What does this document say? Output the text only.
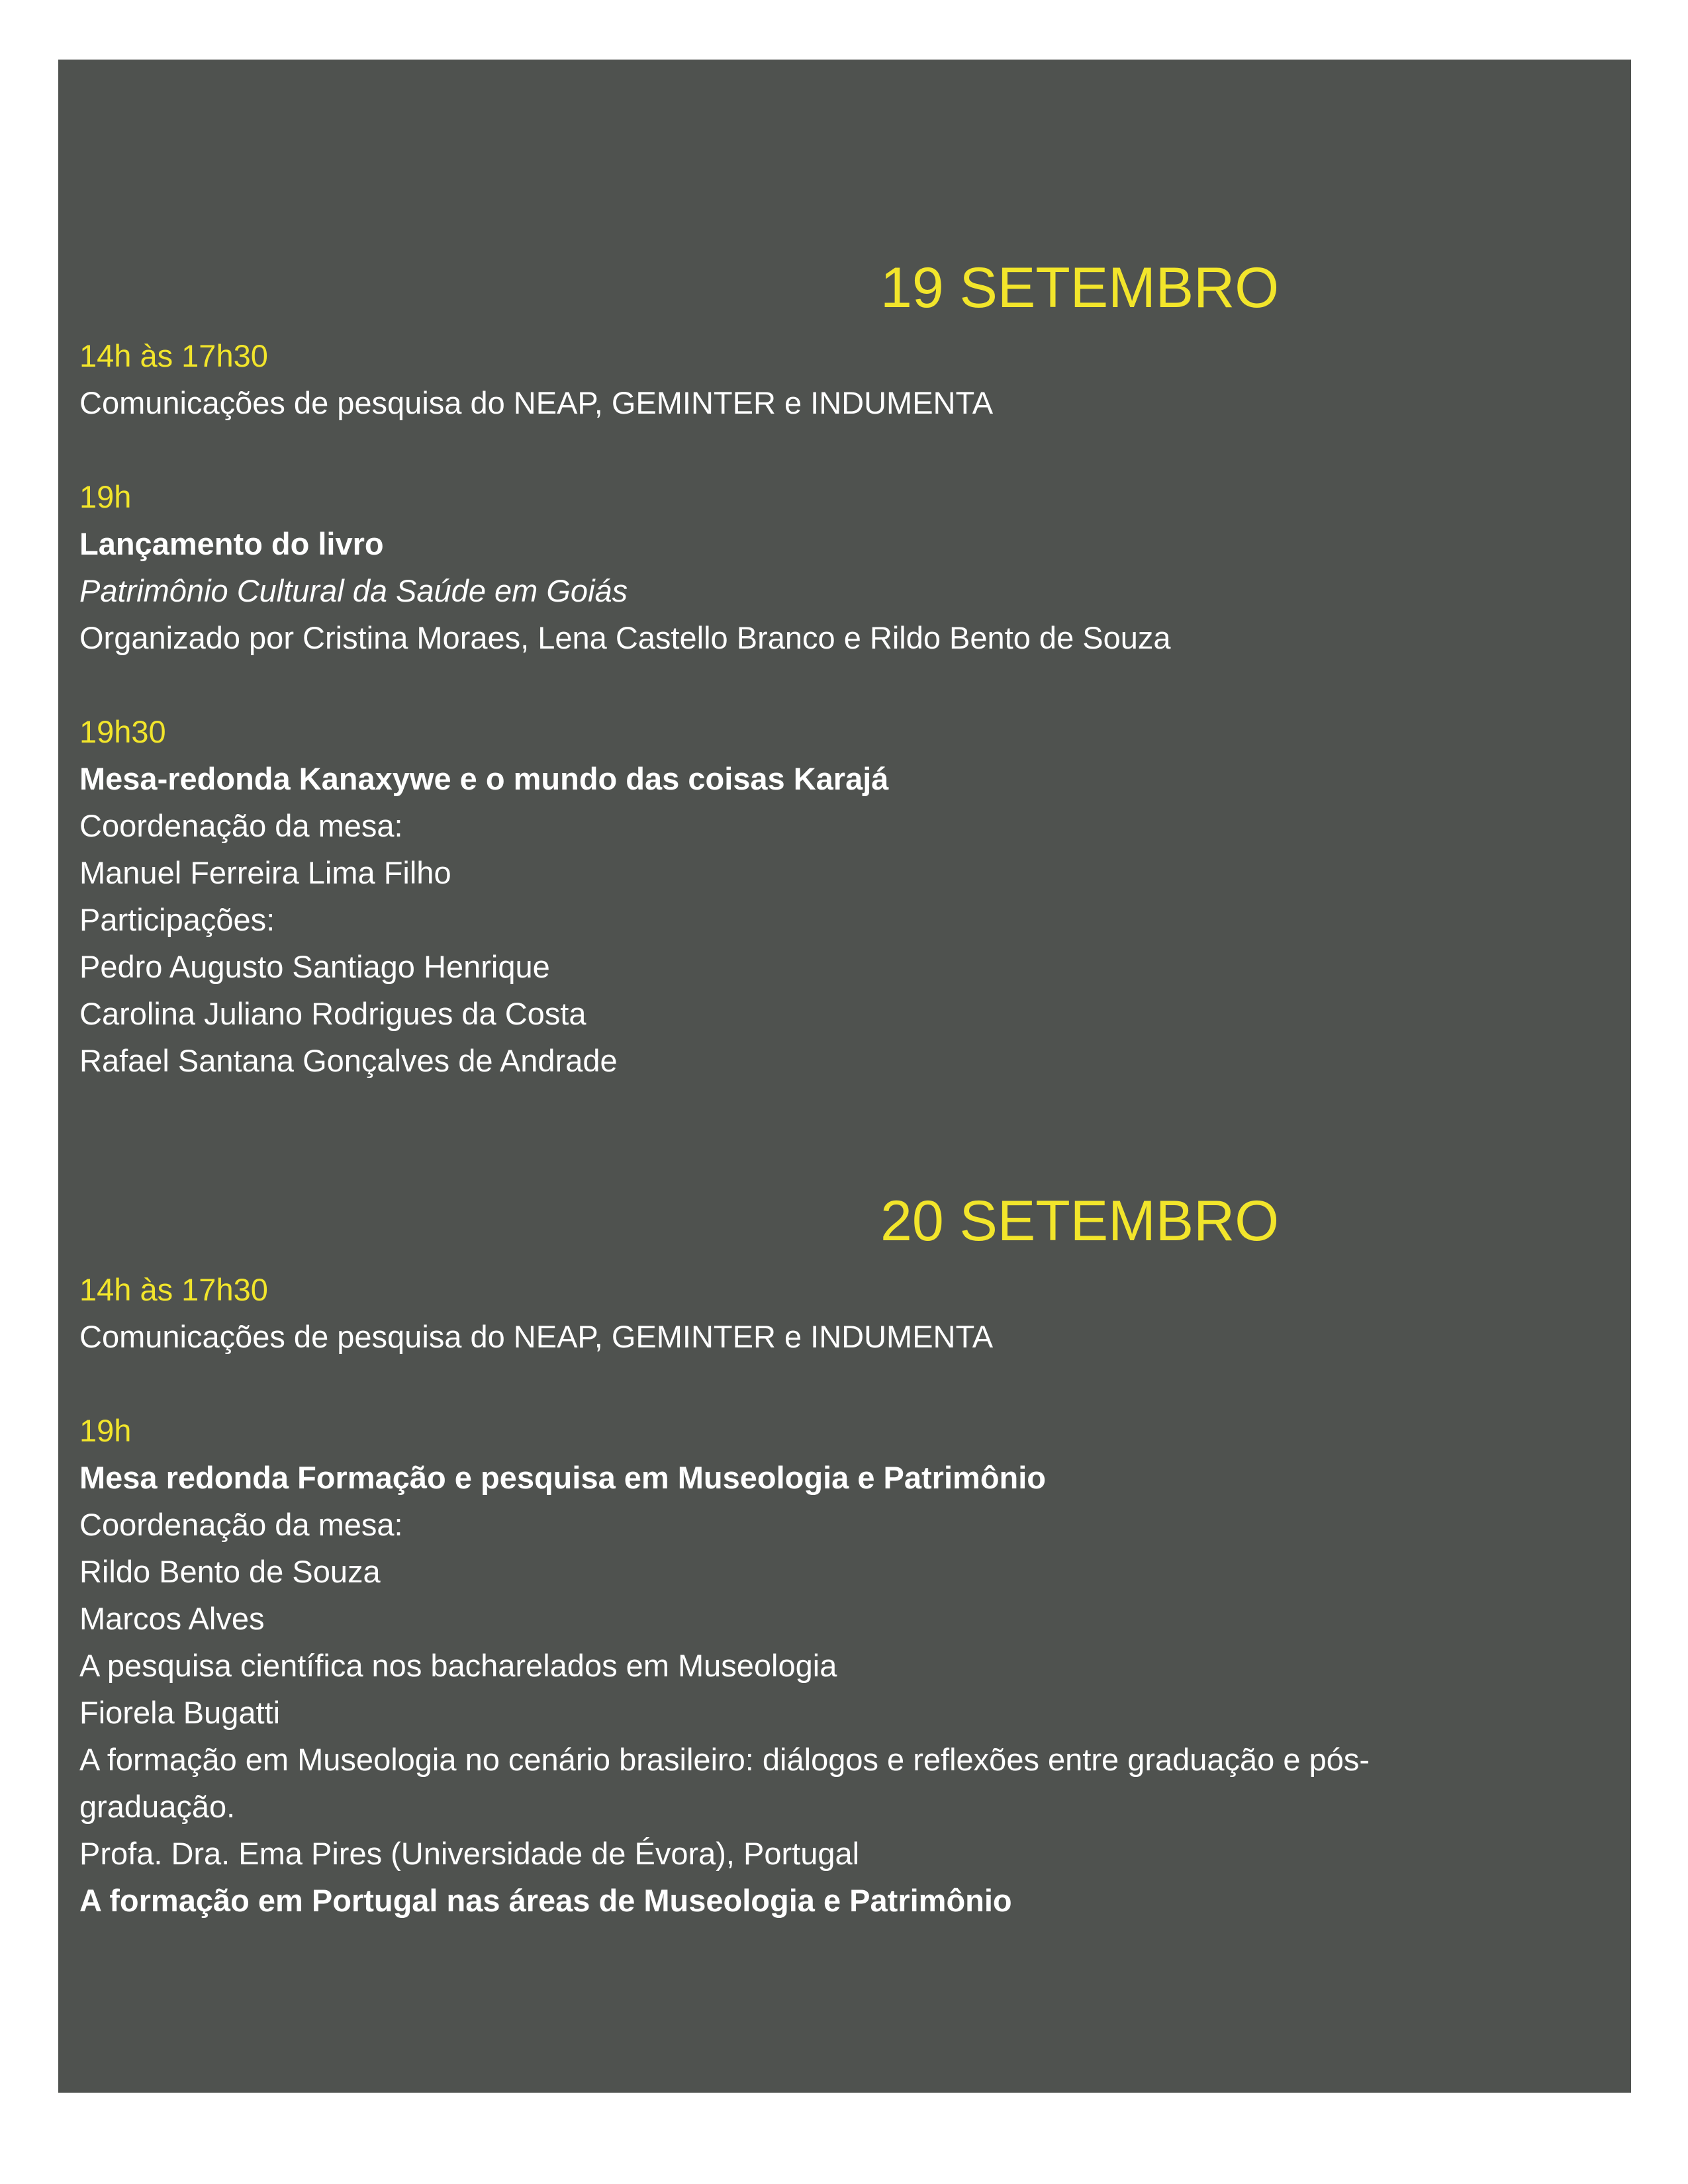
19 SETEMBRO
14h às 17h30
Comunicações de pesquisa do NEAP, GEMINTER e INDUMENTA
19h
Lançamento do livro
Patrimônio Cultural da Saúde em Goiás
Organizado por Cristina Moraes, Lena Castello Branco e Rildo Bento de Souza
19h30
Mesa-redonda Kanaxywe e o mundo das coisas Karajá
Coordenação da mesa:
Manuel Ferreira Lima Filho
Participações:
Pedro Augusto Santiago Henrique
Carolina Juliano Rodrigues da Costa
Rafael Santana Gonçalves de Andrade
20 SETEMBRO
14h às 17h30
Comunicações de pesquisa do NEAP, GEMINTER e INDUMENTA
19h
Mesa redonda Formação e pesquisa em Museologia e Patrimônio
Coordenação da mesa:
Rildo Bento de Souza
Marcos Alves
A pesquisa científica nos bacharelados em Museologia
Fiorela Bugatti
A formação em Museologia no cenário brasileiro: diálogos e reflexões entre graduação e pós-
graduação.
Profa. Dra. Ema Pires (Universidade de Évora), Portugal
A formação em Portugal nas áreas de Museologia e Patrimônio
